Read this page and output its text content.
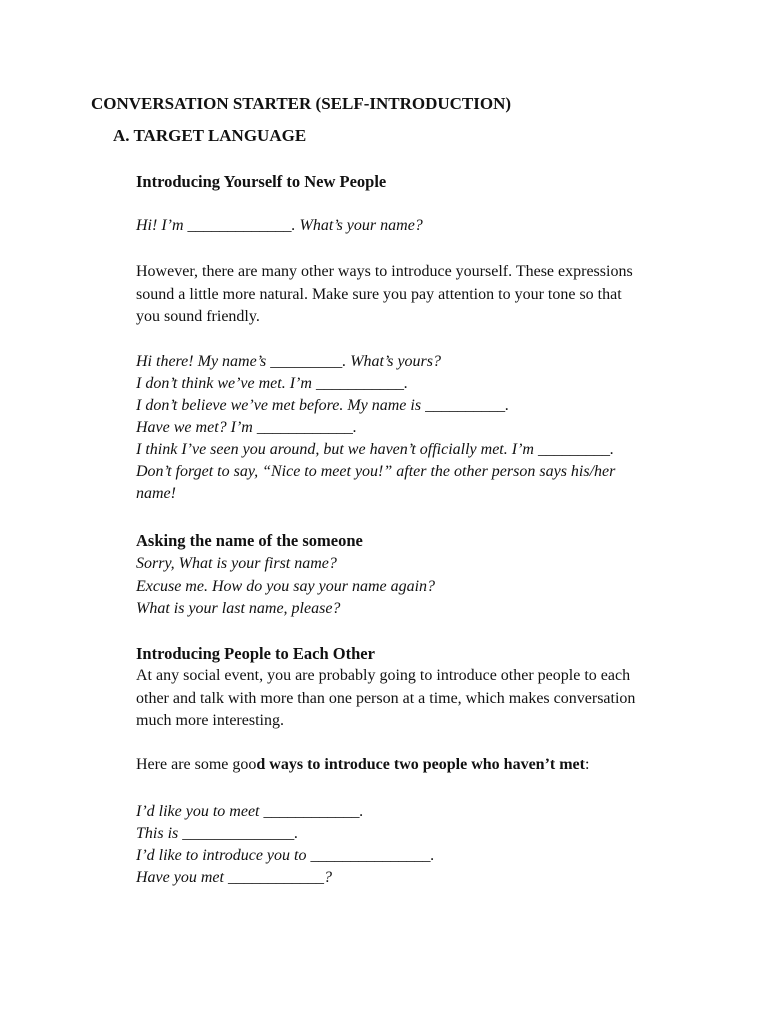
CONVERSATION STARTER (SELF-INTRODUCTION)
A. TARGET LANGUAGE
Introducing Yourself to New People
Hi! I’m _____________. What’s your name?
However, there are many other ways to introduce yourself. These expressions
sound a little more natural. Make sure you pay attention to your tone so that
you sound friendly.
Hi there! My name’s _________. What’s yours?
I don’t think we’ve met. I’m ___________.
I don’t believe we’ve met before. My name is __________.
Have we met? I’m ____________.
I think I’ve seen you around, but we haven’t officially met. I’m _________.
Don’t forget to say, “Nice to meet you!” after the other person says his/her
name!
Asking the name of the someone
Sorry, What is your first name?
Excuse me. How do you say your name again?
What is your last name, please?
Introducing People to Each Other
At any social event, you are probably going to introduce other people to each
other and talk with more than one person at a time, which makes conversation
much more interesting.
Here are some good ways to introduce two people who haven’t met:
I’d like you to meet ____________.
This is ______________.
I’d like to introduce you to _______________.
Have you met ____________?
